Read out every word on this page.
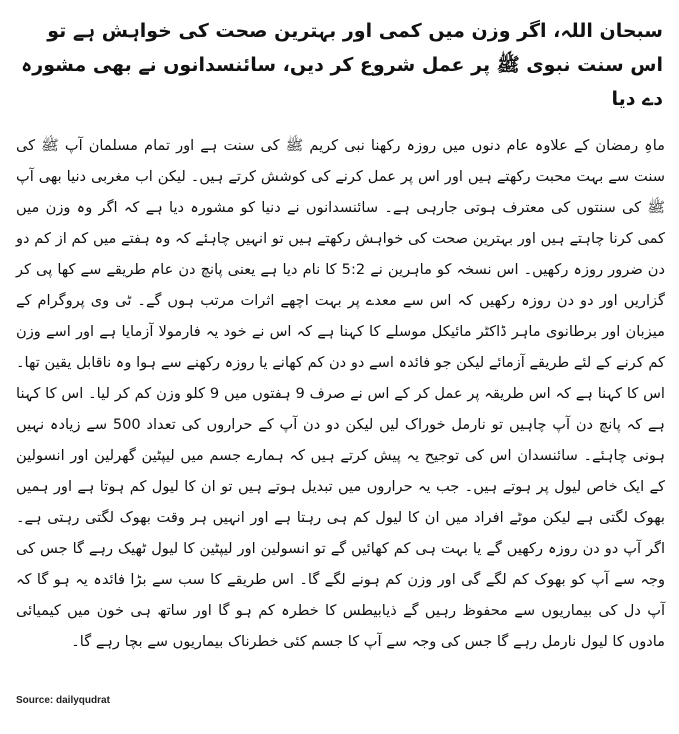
سبحان اللہ، اگر وزن میں کمی اور بہترین صحت کی خواہش ہے تو اس سنت نبوی ﷺ پر عمل شروع کر دیں، سائنسدانوں نے بھی مشورہ دے دیا

ماہِ رمضان کے علاوہ عام دنوں میں روزہ رکھنا نبی کریم ﷺ کی سنت ہے اور تمام مسلمان آپ ﷺ کی سنت سے بہت محبت رکھتے ہیں اور اس پر عمل کرنے کی کوشش کرتے ہیں۔ لیکن اب مغربی دنیا بھی آپ ﷺ کی سنتوں کی معترف ہوتی جارہی ہے۔ سائنسدانوں نے دنیا کو مشورہ دیا ہے کہ اگر وہ وزن میں کمی کرنا چاہتے ہیں اور بہترین صحت کی خواہش رکھتے ہیں تو انہیں چاہئے کہ وہ ہفتے میں کم از کم دو دن ضرور روزہ رکھیں۔ اس نسخہ کو ماہرین نے 5:2 کا نام دیا ہے یعنی پانچ دن عام طریقے سے کھا پی کر گزاریں اور دو دن روزہ رکھیں کہ اس سے معدے پر بہت اچھے اثرات مرتب ہوں گے۔ ٹی وی پروگرام کے میزبان اور برطانوی ماہر ڈاکٹر مائیکل موسلے کا کہنا ہے کہ اس نے خود یہ فارمولا آزمایا ہے اور اسے وزن کم کرنے کے لئے طریقے آزمائے لیکن جو فائدہ اسے دو دن کم کھانے یا روزہ رکھنے سے ہوا وہ ناقابل یقین تھا۔ اس کا کہنا ہے کہ اس طریقہ پر عمل کر کے اس نے صرف 9 ہفتوں میں 9 کلو وزن کم کر لیا۔ اس کا کہنا ہے کہ پانچ دن آپ چاہیں تو نارمل خوراک لیں لیکن دو دن آپ کے حراروں کی تعداد 500 سے زیادہ نہیں ہونی چاہئے۔ سائنسدان اس کی توجیح یہ پیش کرتے ہیں کہ ہمارے جسم میں لیپٹین گھرلین اور انسولین کے ایک خاص لیول پر ہوتے ہیں۔ جب یہ حراروں میں تبدیل ہوتے ہیں تو ان کا لیول کم ہوتا ہے اور ہمیں بھوک لگتی ہے لیکن موٹے افراد میں ان کا لیول کم ہی رہتا ہے اور انہیں ہر وقت بھوک لگتی رہتی ہے۔ اگر آپ دو دن روزہ رکھیں گے یا بہت ہی کم کھائیں گے تو انسولین اور لیپٹین کا لیول ٹھیک رہے گا جس کی وجہ سے آپ کو بھوک کم لگے گی اور وزن کم ہونے لگے گا۔ اس طریقے کا سب سے بڑا فائدہ یہ ہو گا کہ آپ دل کی بیماریوں سے محفوظ رہیں گے ذیابیطس کا خطرہ کم ہو گا اور ساتھ ہی خون میں کیمیائی مادوں کا لیول نارمل رہے گا جس کی وجہ سے آپ کا جسم کئی خطرناک بیماریوں سے بچا رہے گا۔

Source: dailyqudrat
